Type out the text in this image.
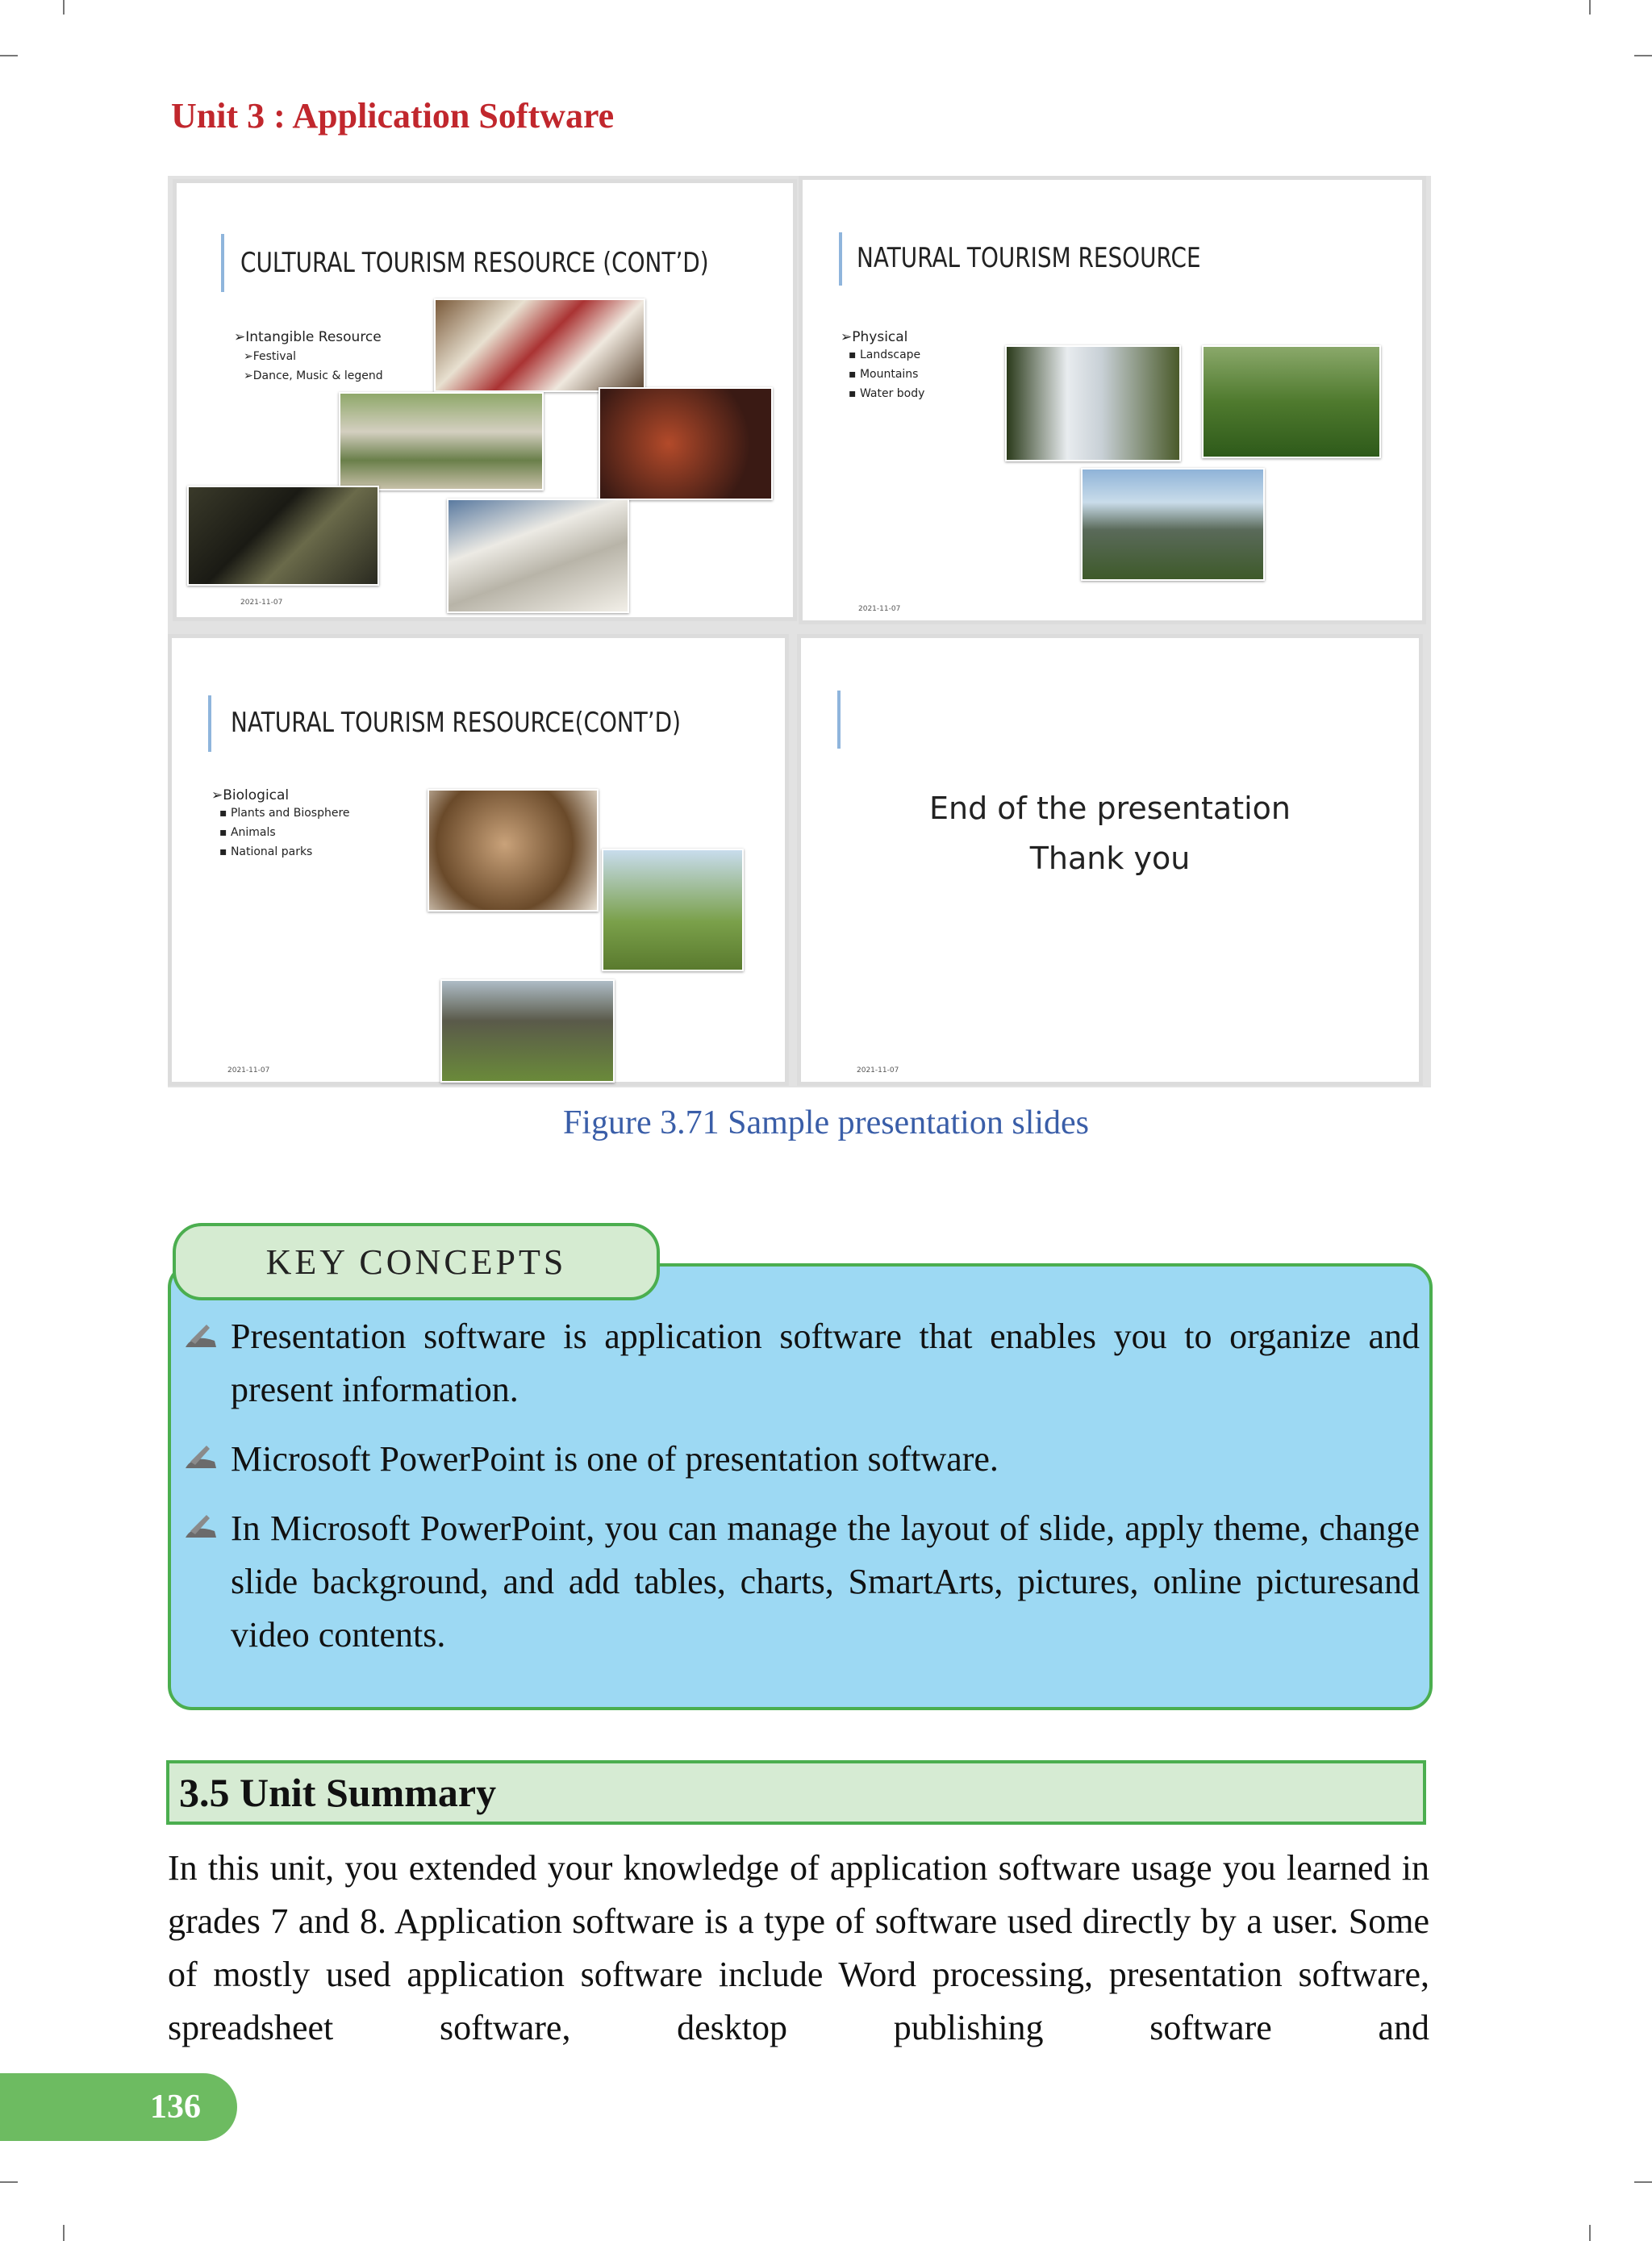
Unit 3 : Application Software
CULTURAL TOURISM RESOURCE (CONT’D)
➢Intangible Resource
➢Festival
➢Dance, Music & legend
2021-11-07
NATURAL TOURISM RESOURCE
➢Physical
▪ Landscape
▪ Mountains
▪ Water body
2021-11-07
NATURAL TOURISM RESOURCE(CONT’D)
➢Biological
▪ Plants and Biosphere
▪ Animals
▪ National parks
2021-11-07
End of the presentation
Thank you
2021-11-07
Figure 3.71 Sample presentation slides
KEY CONCEPTS
Presentation software is application software that enables you to organize and present information.
Microsoft PowerPoint is one of presentation software.
In Microsoft PowerPoint, you can manage the layout of slide, apply theme, change slide background, and add tables, charts, SmartArts, pictures, online picturesand video contents.
3.5 Unit Summary
In this unit, you extended your knowledge of application software usage you learned in grades 7 and 8. Application software is a type of software used directly by a user. Some of mostly used application software include Word processing, presentation software, spreadsheet software, desktop publishing software and
136
